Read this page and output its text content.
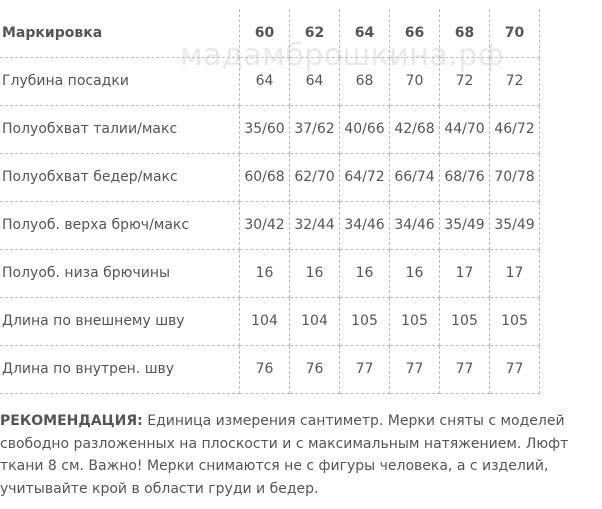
мадамброшкина.рф
Маркировка	60	62	64	66	68	70
Глубина посадки	64	64	68	70	72	72
Полуобхват талии/макс	35/60	37/62	40/66	42/68	44/70	46/72
Полуобхват бедер/макс	60/68	62/70	64/72	66/74	68/76	70/78
Полуоб. верха брюч/макс	30/42	32/44	34/46	34/46	35/49	35/49
Полуоб. низа брючины	16	16	16	16	17	17
Длина по внешнему шву	104	104	105	105	105	105
Длина по внутрен. шву	76	76	77	77	77	77
РЕКОМЕНДАЦИЯ: Единица измерения сантиметр. Мерки сняты с моделей свободно разложенных на плоскости и с максимальным натяжением. Люфт ткани 8 см. Важно! Мерки снимаются не с фигуры человека, а с изделий, учитывайте крой в области груди и бедер.
